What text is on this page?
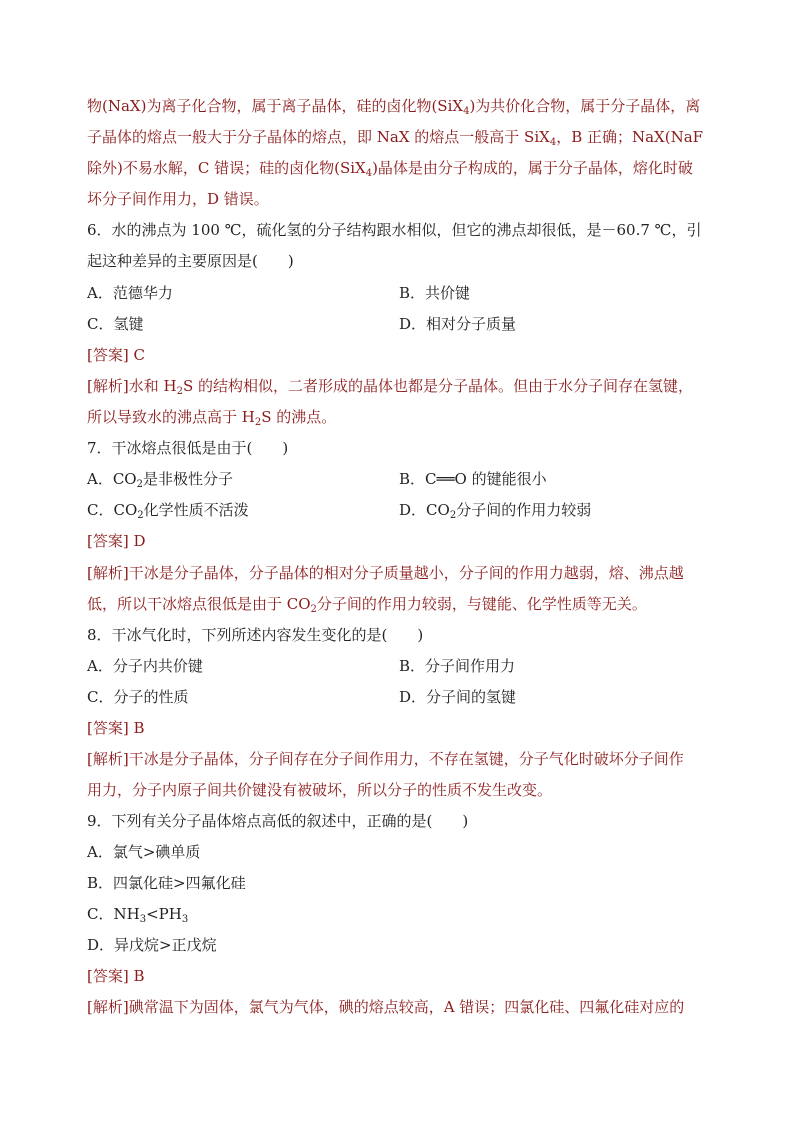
物(NaX)为离子化合物，属于离子晶体，硅的卤化物(SiX$_4$)为共价化合物，属于分子晶体，离
子晶体的熔点一般大于分子晶体的熔点，即 NaX 的熔点一般高于 SiX$_4$，B 正确；NaX(NaF
除外)不易水解，C 错误；硅的卤化物(SiX$_4$)晶体是由分子构成的，属于分子晶体，熔化时破
坏分子间作用力，D 错误。
6．水的沸点为 100 ℃，硫化氢的分子结构跟水相似，但它的沸点却很低，是－60.7 ℃，引
起这种差异的主要原因是(　　)
A．范德华力	B．共价键
C．氢键	D．相对分子质量
[答案] C
[解析]水和 $H_2S$ 的结构相似，二者形成的晶体也都是分子晶体。但由于水分子间存在氢键，
所以导致水的沸点高于 $H_2S$ 的沸点。
7．干冰熔点很低是由于(　　)
A．$CO_2$是非极性分子	B．C══O 的键能很小
C．$CO_2$化学性质不活泼	D．$CO_2$分子间的作用力较弱
[答案] D
[解析]干冰是分子晶体，分子晶体的相对分子质量越小，分子间的作用力越弱，熔、沸点越
低，所以干冰熔点很低是由于 $CO_2$分子间的作用力较弱，与键能、化学性质等无关。
8．干冰气化时，下列所述内容发生变化的是(　　)
A．分子内共价键	B．分子间作用力
C．分子的性质	D．分子间的氢键
[答案] B
[解析]干冰是分子晶体，分子间存在分子间作用力，不存在氢键，分子气化时破坏分子间作
用力，分子内原子间共价键没有被破坏，所以分子的性质不发生改变。
9．下列有关分子晶体熔点高低的叙述中，正确的是(　　)
A．氯气>碘单质
B．四氯化硅>四氟化硅
C．$NH_3<PH_3$
D．异戊烷>正戊烷
[答案] B
[解析]碘常温下为固体，氯气为气体，碘的熔点较高，A 错误；四氯化硅、四氟化硅对应的
